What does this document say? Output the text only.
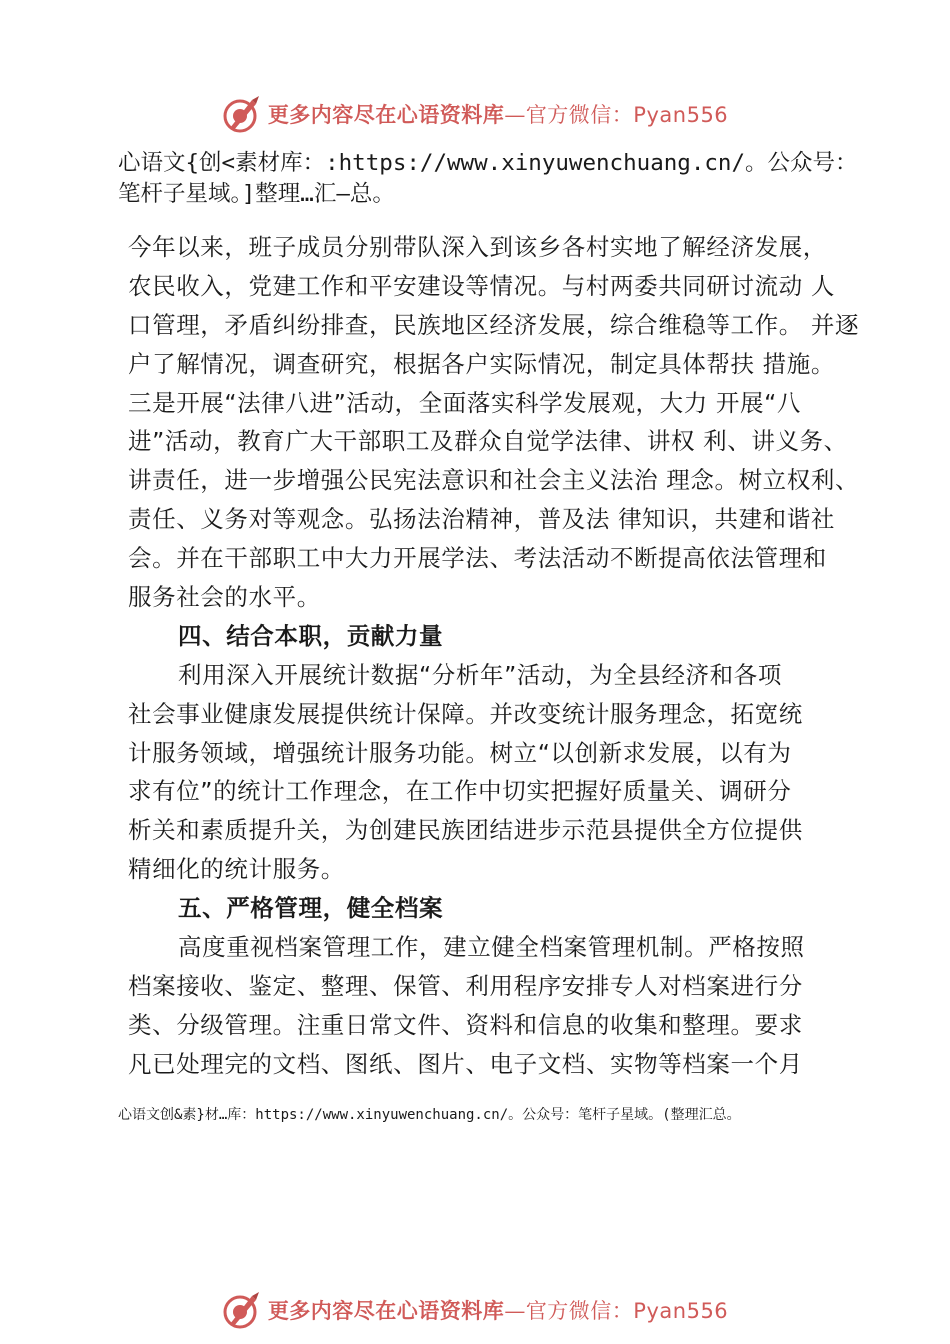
更多内容尽在心语资料库—官方微信：Pyan556
心语文{创<素材库：:https://www.xinyuwenchuang.cn/。公众号：笔杆子星域。]整理…汇—总。
今年以来，班子成员分别带队深入到该乡各村实地了解经济发展，
农民收入，党建工作和平安建设等情况。与村两委共同研讨流动 人
口管理，矛盾纠纷排查，民族地区经济发展，综合维稳等工作。 并逐
户了解情况，调查研究，根据各户实际情况，制定具体帮扶 措施。
三是开展“法律八进”活动，全面落实科学发展观，大力 开展“八
进”活动，教育广大干部职工及群众自觉学法律、讲权 利、讲义务、
讲责任，进一步增强公民宪法意识和社会主义法治 理念。树立权利、
责任、义务对等观念。弘扬法治精神，普及法 律知识，共建和谐社
会。并在干部职工中大力开展学法、考法活动不断提高依法管理和
服务社会的水平。
四、结合本职，贡献力量
利用深入开展统计数据“分析年”活动，为全县经济和各项
社会事业健康发展提供统计保障。并改变统计服务理念，拓宽统
计服务领域，增强统计服务功能。树立“以创新求发展，以有为
求有位”的统计工作理念，在工作中切实把握好质量关、调研分
析关和素质提升关，为创建民族团结进步示范县提供全方位提供
精细化的统计服务。
五、严格管理，健全档案
高度重视档案管理工作，建立健全档案管理机制。严格按照
档案接收、鉴定、整理、保管、利用程序安排专人对档案进行分
类、分级管理。注重日常文件、资料和信息的收集和整理。要求
凡已处理完的文档、图纸、图片、电子文档、实物等档案一个月
心语文创&素}材…库：https://www.xinyuwenchuang.cn/。公众号：笔杆子星域。(整理汇总。
更多内容尽在心语资料库—官方微信：Pyan556
